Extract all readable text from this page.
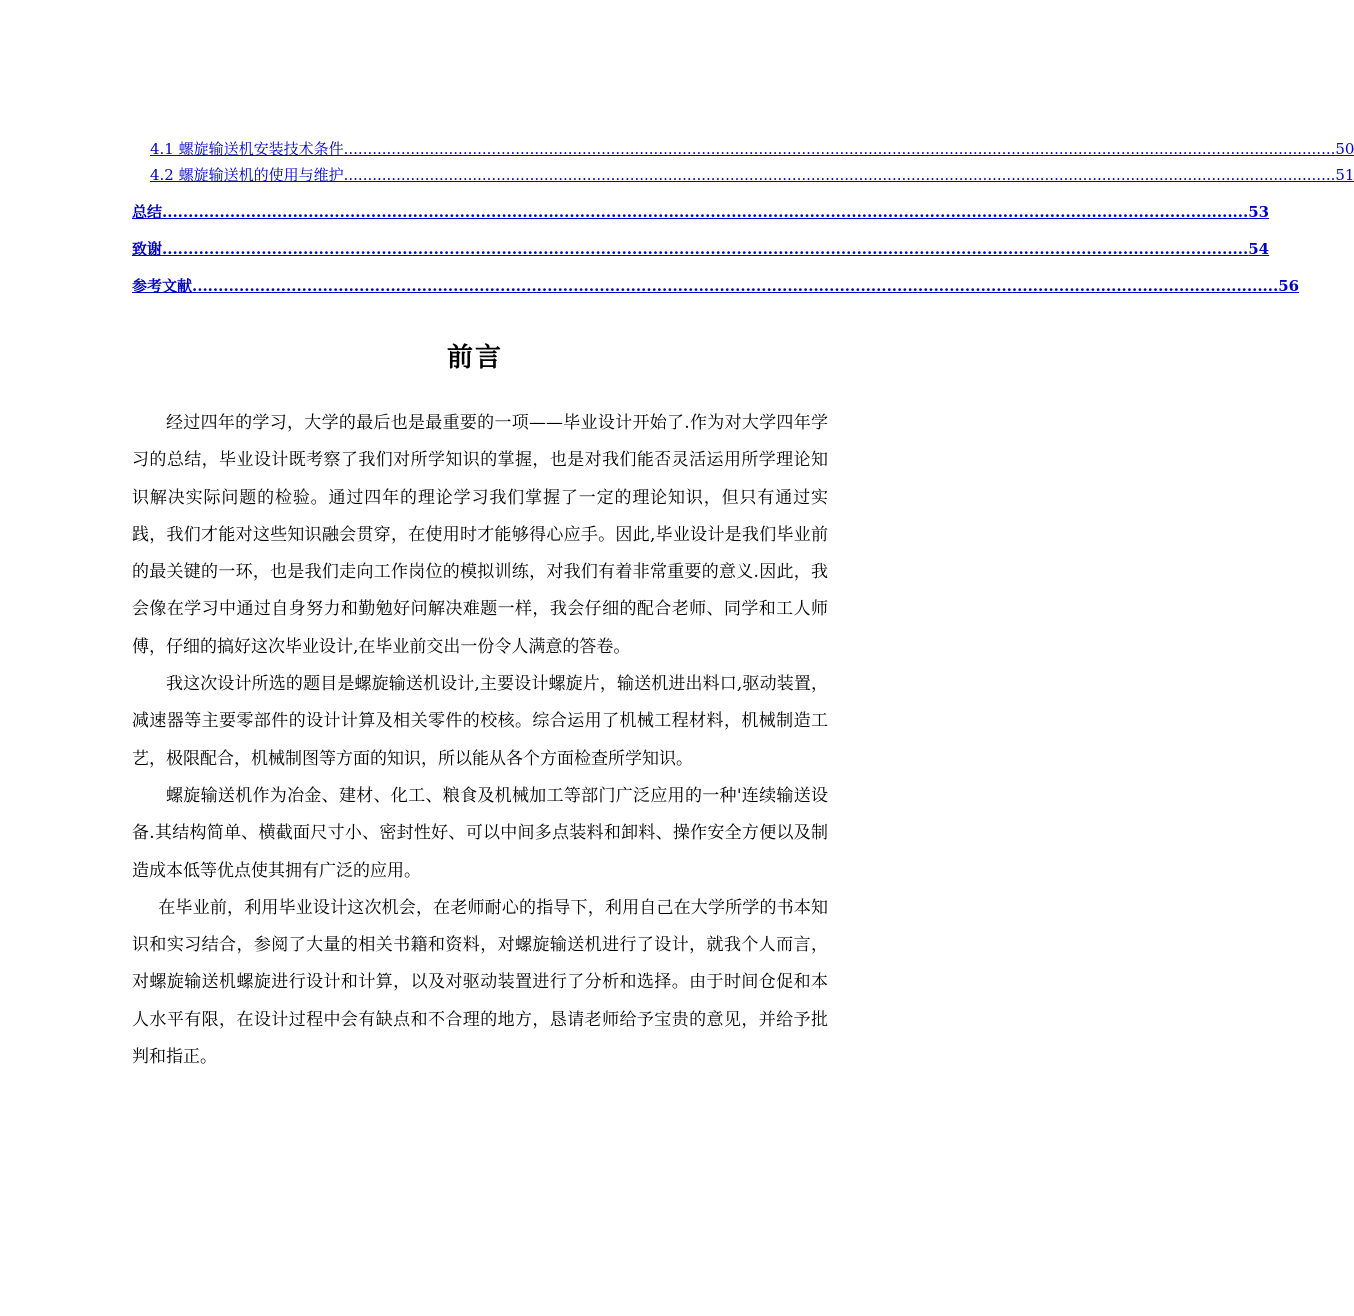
4.1 螺旋输送机安装技术条件 ................................................................................................................................................................................................................ 50
4.2 螺旋输送机的使用与维护 ................................................................................................................................................................................................................ 51
总结 ................................................................................................................................................................................................................ 53
致谢 ................................................................................................................................................................................................................ 54
参考文献 ................................................................................................................................................................................................................ 56
前言

经过四年的学习，大学的最后也是最重要的一项——毕业设计开始了.作为对大学四年学习的总结，毕业设计既考察了我们对所学知识的掌握，也是对我们能否灵活运用所学理论知识解决实际问题的检验。通过四年的理论学习我们掌握了一定的理论知识，但只有通过实践，我们才能对这些知识融会贯穿，在使用时才能够得心应手。因此,毕业设计是我们毕业前的最关键的一环，也是我们走向工作岗位的模拟训练，对我们有着非常重要的意义.因此，我会像在学习中通过自身努力和勤勉好问解决难题一样，我会仔细的配合老师、同学和工人师傅，仔细的搞好这次毕业设计,在毕业前交出一份令人满意的答卷。

我这次设计所选的题目是螺旋输送机设计,主要设计螺旋片，输送机进出料口,驱动装置，减速器等主要零部件的设计计算及相关零件的校核。综合运用了机械工程材料，机械制造工艺，极限配合，机械制图等方面的知识，所以能从各个方面检查所学知识。

螺旋输送机作为冶金、建材、化工、粮食及机械加工等部门广泛应用的一种'连续输送设备.其结构简单、横截面尺寸小、密封性好、可以中间多点装料和卸料、操作安全方便以及制造成本低等优点使其拥有广泛的应用。

在毕业前，利用毕业设计这次机会，在老师耐心的指导下，利用自己在大学所学的书本知识和实习结合，参阅了大量的相关书籍和资料，对螺旋输送机进行了设计，就我个人而言，对螺旋输送机螺旋进行设计和计算，以及对驱动装置进行了分析和选择。由于时间仓促和本人水平有限，在设计过程中会有缺点和不合理的地方，恳请老师给予宝贵的意见，并给予批判和指正。
